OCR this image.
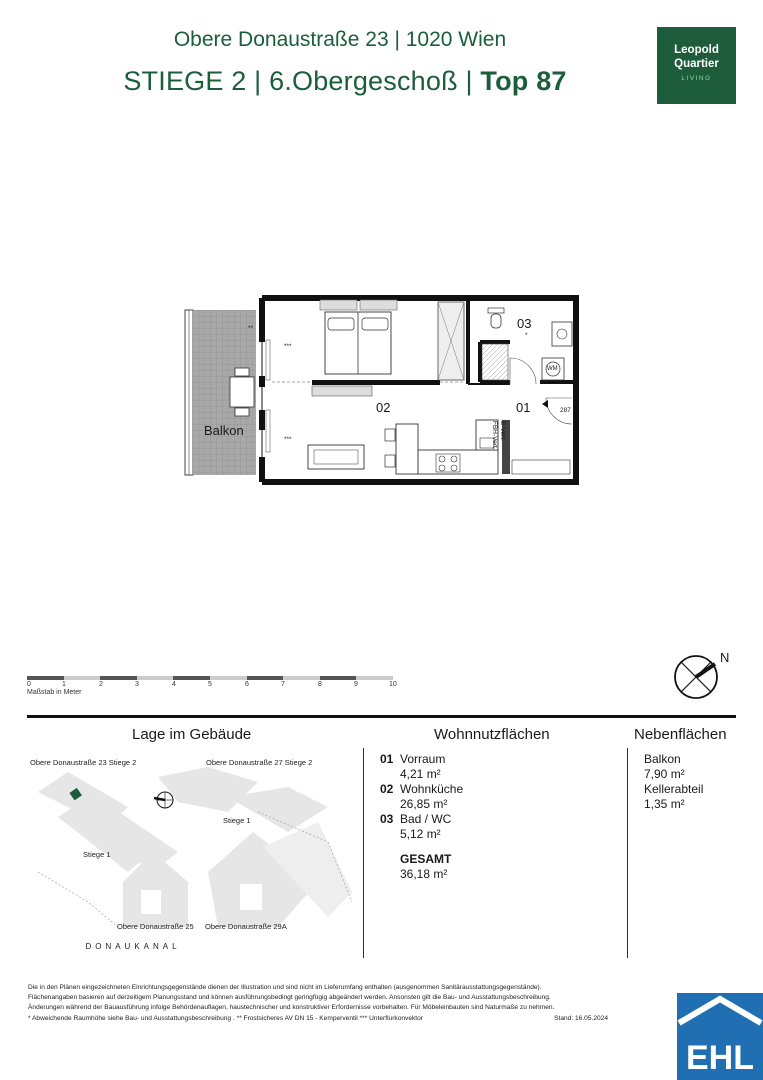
Obere Donaustraße 23 | 1020 Wien
STIEGE 2 | 6.Obergeschoß | Top 87
Leopold
Quartier
LIVING
02	01
03
Balkon
***
***
**
*
WM
287
FBH-Vert. E-Vert.
0	1	2	3	4	5	6	7	8	9	10
Maßstab in Meter
N
Lage im Gebäude
Obere Donaustraße 23 Stiege 2	Obere Donaustraße 27 Stiege 2
Stiege 1
Stiege 1
Obere Donaustraße 25 Obere Donaustraße 29A
DONAUKANAL
Wohnnutzflächen
01 Vorraum
4,21 m²
02 Wohnküche
26,85 m²
03 Bad / WC
5,12 m²
GESAMT
36,18 m²
Nebenflächen
Balkon
7,90 m²
Kellerabteil
1,35 m²
Die in den Plänen eingezeichneten Einrichtungsgegenstände dienen der Illustration und sind nicht im Lieferumfang enthalten (ausgenommen Sanitärausstattungsgegenstände).
Flächenangaben basieren auf derzeitigem Planungsstand und können ausführungsbedingt geringfügig abgeändert werden. Ansonsten gilt die Bau- und Ausstattungsbeschreibung.
Änderungen während der Bauausführung infolge Behördenauflagen, haustechnischer und konstruktiver Erfordernisse vorbehalten. Für Möbeleinbauten sind Naturmaße zu nehmen.
* Abweichende Raumhöhe siehe Bau- und Ausstattungsbeschreibung . ** Frostsicheres AV DN 15 - Kemperventil *** Unterflurkonvektor	Stand: 16.05.2024
EHL
